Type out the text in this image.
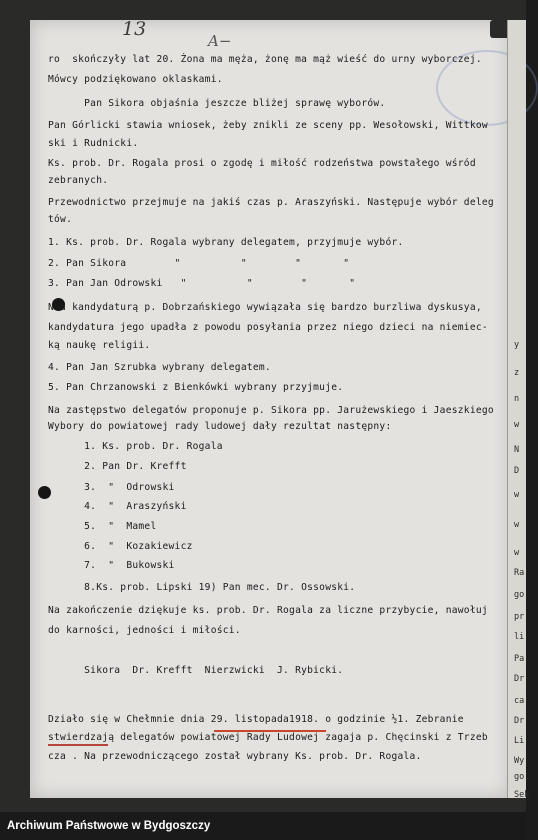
13
A−
ro  skończyły lat 20. Żona ma męża, żonę ma mąż wieść do urny wyborczej.
Mówcy podziękowano oklaskami.
Pan Sikora objaśnia jeszcze bliżej sprawę wyborów.
Pan Górlicki stawia wniosek, żeby znikli ze sceny pp. Wesołowski, Wittkow
ski i Rudnicki.
Ks. prob. Dr. Rogala prosi o zgodę i miłość rodzeństwa powstałego wśród
zebranych.
Przewodnictwo przejmuje na jakiś czas p. Araszyński. Następuje wybór deleg
tów.
1. Ks. prob. Dr. Rogala wybrany delegatem, przyjmuje wybór.
2. Pan Sikora        "          "        "       "
3. Pan Jan Odrowski   "          "        "       "
Nad kandydaturą p. Dobrzańskiego wywiązała się bardzo burzliwa dyskusya,
kandydatura jego upadła z powodu posyłania przez niego dzieci na niemiec-
ką naukę religii.
4. Pan Jan Szrubka wybrany delegatem.
5. Pan Chrzanowski z Bienkówki wybrany przyjmuje.
Na zastępstwo delegatów proponuje p. Sikora pp. Jarużewskiego i Jaeszkiego
Wybory do powiatowej rady ludowej dały rezultat następny:
1. Ks. prob. Dr. Rogala
2. Pan Dr. Krefft
3.  "  Odrowski
4.  "  Araszyński
5.  "  Mamel
6.  "  Kozakiewicz
7.  "  Bukowski
8.Ks. prob. Lipski 19) Pan mec. Dr. Ossowski.
Na zakończenie dziękuje ks. prob. Dr. Rogala za liczne przybycie, nawołuj
do karności, jedności i miłości.
Sikora  Dr. Krefft  Nierzwicki  J. Rybicki.
Działo się w Chełmnie dnia 29. listopada1918. o godzinie ½1. Zebranie
stwierdzają delegatów powiatowej Rady Ludowej zagaja p. Chęcinski z Trzeb
cza . Na przewodniczącego został wybrany Ks. prob. Dr. Rogala.
y
z
n
w
N
D
w
w
w
Ra
go
pr
li
Pa
Dr
ca
Dr
Li
Wy
go,
Sek
Archiwum Państwowe w Bydgoszczy
